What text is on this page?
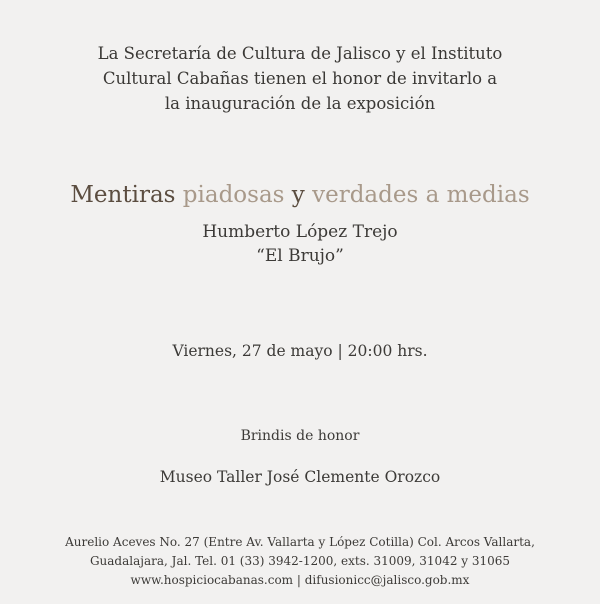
La Secretaría de Cultura de Jalisco y el Instituto
Cultural Cabañas tienen el honor de invitarlo a
la inauguración de la exposición
Mentiras piadosas y verdades a medias
Humberto López Trejo
“El Brujo”
Viernes, 27 de mayo | 20:00 hrs.
Brindis de honor
Museo Taller José Clemente Orozco
Aurelio Aceves No. 27 (Entre Av. Vallarta y López Cotilla) Col. Arcos Vallarta,
Guadalajara, Jal. Tel. 01 (33) 3942-1200, exts. 31009, 31042 y 31065
www.hospiciocabanas.com | difusionicc@jalisco.gob.mx
